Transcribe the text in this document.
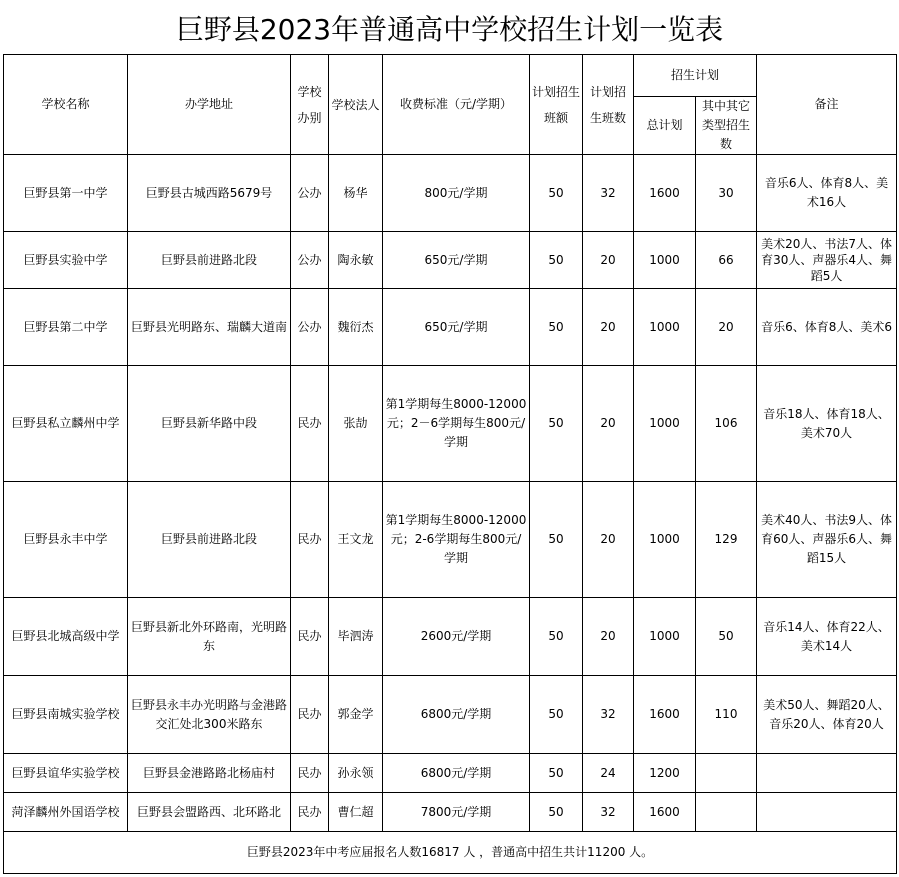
巨野县2023年普通高中学校招生计划一览表
学校名称	办学地址	学校办别	学校法人	收费标准（元/学期）	计划招生班额	计划招生班数	招生计划		备注
							总计划	其中其它类型招生数	
巨野县第一中学	巨野县古城西路5679号	公办	杨华	800元/学期	50	32	1600	30	音乐6人、体育8人、美术16人
巨野县实验中学	巨野县前进路北段	公办	陶永敏	650元/学期	50	20	1000	66	美术20人、书法7人、体育30人、声器乐4人、舞蹈5人
巨野县第二中学	巨野县光明路东、瑞麟大道南	公办	魏衍杰	650元/学期	50	20	1000	20	音乐6、体育8人、美术6
巨野县私立麟州中学	巨野县新华路中段	民办	张劼	第1学期每生8000-12000元；2－6学期每生800元/学期	50	20	1000	106	音乐18人、体育18人、美术70人
巨野县永丰中学	巨野县前进路北段	民办	王文龙	第1学期每生8000-12000元；2-6学期每生800元/学期	50	20	1000	129	美术40人、书法9人、体育60人、声器乐6人、舞蹈15人
巨野县北城高级中学	巨野县新北外环路南，光明路东	民办	毕泗涛	2600元/学期	50	20	1000	50	音乐14人、体育22人、美术14人
巨野县南城实验学校	巨野县永丰办光明路与金港路交汇处北300米路东	民办	郭金学	6800元/学期	50	32	1600	110	美术50人、舞蹈20人、音乐20人、体育20人
巨野县谊华实验学校	巨野县金港路路北杨庙村	民办	孙永领	6800元/学期	50	24	1200		
菏泽麟州外国语学校	巨野县会盟路西、北环路北	民办	曹仁超	7800元/学期	50	32	1600		
巨野县2023年中考应届报名人数16817 人 ，普通高中招生共计11200 人。									
